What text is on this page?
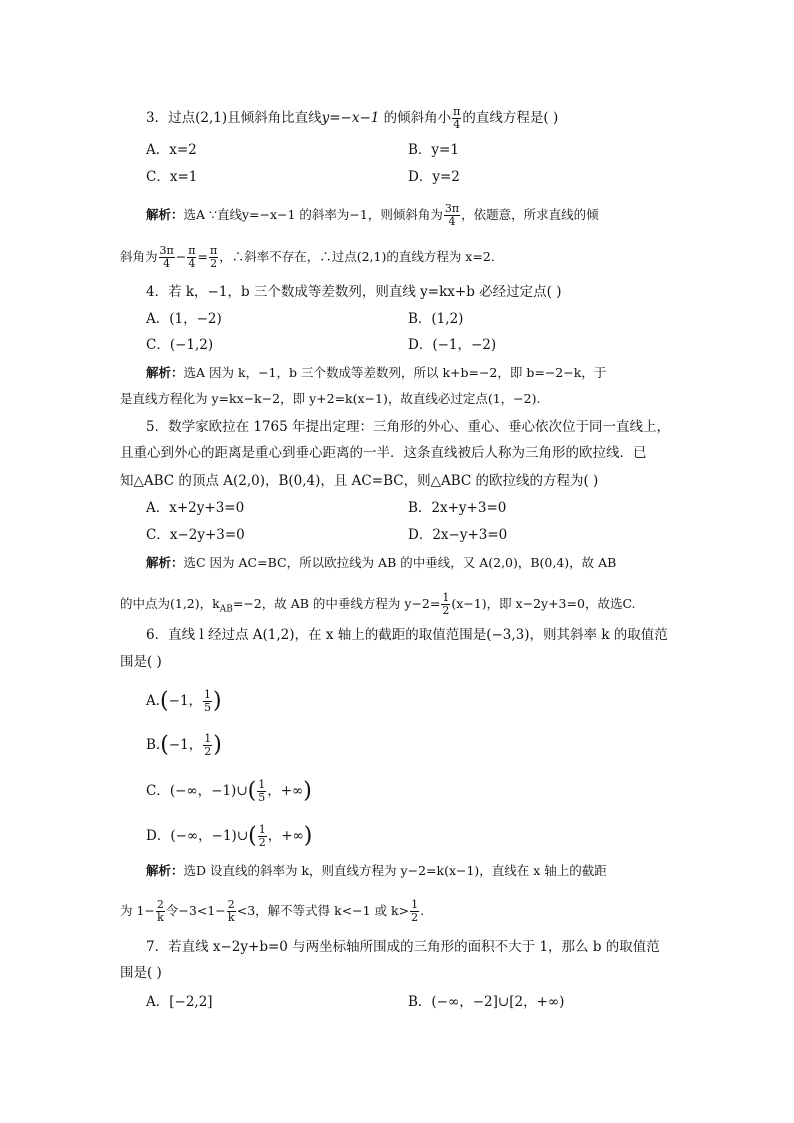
3．过点(2,1)且倾斜角比直线y=−x−1 的倾斜角小 $\frac{\pi}{4}$ 的直线方程是( )
A．x=2	B．y=1
C．x=1	D．y=2
解析：选A ∵直线y=−x−1 的斜率为−1，则倾斜角为 $\frac{3\pi}{4}$ ，依题意，所求直线的倾
斜角为 $\frac{3\pi}{4} - \frac{\pi}{4} = \frac{\pi}{2}$ ，∴斜率不存在，∴过点(2,1)的直线方程为 x=2.
4．若 k，−1，b 三个数成等差数列，则直线 y=kx+b 必经过定点( )
A．(1，−2)	B．(1,2)
C．(−1,2)	D．(−1，−2)
解析：选A 因为 k，−1，b 三个数成等差数列，所以 k+b=−2，即 b=−2−k，于
是直线方程化为 y=kx−k−2，即 y+2=k(x−1)，故直线必过定点(1，−2).
5．数学家欧拉在 1765 年提出定理：三角形的外心、重心、垂心依次位于同一直线上，
且重心到外心的距离是重心到垂心距离的一半．这条直线被后人称为三角形的欧拉线．已
知△ABC 的顶点 A(2,0)，B(0,4)，且 AC=BC，则△ABC 的欧拉线的方程为( )
A．x+2y+3=0	B．2x+y+3=0
C．x−2y+3=0	D．2x−y+3=0
解析：选C 因为 AC=BC，所以欧拉线为 AB 的中垂线，又 A(2,0)，B(0,4)，故 AB
的中点为(1,2)，$k_{AB}=-2$，故 AB 的中垂线方程为 $y-2= \frac{1}{2} (x-1)$，即 x−2y+3=0，故选C.
6．直线 l 经过点 A(1,2)，在 x 轴上的截距的取值范围是(−3,3)，则其斜率 k 的取值范
围是( )
A.(−1， $\frac{1}{5}$ )
B.(−1， $\frac{1}{2}$ )
C．(−∞，−1)∪( $\frac{1}{5}$ ，+∞)
D．(−∞，−1)∪( $\frac{1}{2}$ ，+∞)
解析：选D 设直线的斜率为 k，则直线方程为 y−2=k(x−1)，直线在 x 轴上的截距
为 $1- \frac{2}{k}$ 令$-3<1- \frac{2}{k} <3$，解不等式得 k<−1 或 $k> \frac{1}{2}$ .
7．若直线 x−2y+b=0 与两坐标轴所围成的三角形的面积不大于 1，那么 b 的取值范
围是( )
A．[−2,2]	B．(−∞，−2]∪[2，+∞)
